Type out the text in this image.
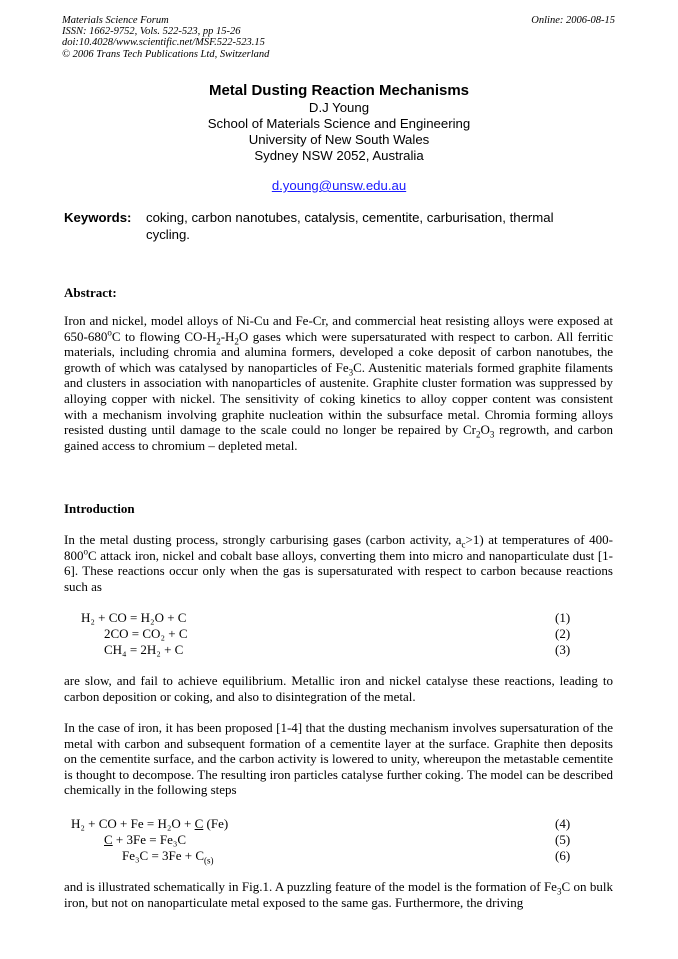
Materials Science Forum
ISSN: 1662-9752, Vols. 522-523, pp 15-26
doi:10.4028/www.scientific.net/MSF.522-523.15
© 2006 Trans Tech Publications Ltd, Switzerland
Online: 2006-08-15
Metal Dusting Reaction Mechanisms
D.J Young
School of Materials Science and Engineering
University of New South Wales
Sydney NSW 2052, Australia
d.young@unsw.edu.au
Keywords: coking, carbon nanotubes, catalysis, cementite, carburisation, thermal cycling.
Abstract:

Iron and nickel, model alloys of Ni-Cu and Fe-Cr, and commercial heat resisting alloys were exposed at 650-680$^o$C to flowing $CO-H_2-H_2O$ gases which were supersaturated with respect to carbon. All ferritic materials, including chromia and alumina formers, developed a coke deposit of carbon nanotubes, the growth of which was catalysed by nanoparticles of $Fe_3C$. Austenitic materials formed graphite filaments and clusters in association with nanoparticles of austenite. Graphite cluster formation was suppressed by alloying copper with nickel. The sensitivity of coking kinetics to alloy copper content was consistent with a mechanism involving graphite nucleation within the subsurface metal. Chromia forming alloys resisted dusting until damage to the scale could no longer be repaired by $Cr_2O_3$ regrowth, and carbon gained access to chromium – depleted metal.

Introduction

In the metal dusting process, strongly carburising gases (carbon activity, $a_c>1$) at temperatures of 400-800$^o$C attack iron, nickel and cobalt base alloys, converting them into micro and nanoparticulate dust [1-6]. These reactions occur only when the gas is supersaturated with respect to carbon because reactions such as

H₂ + CO = H₂O + C	(1)
2CO = CO₂ + C	(2)
CH₄ = 2H₂ + C	(3)

are slow, and fail to achieve equilibrium. Metallic iron and nickel catalyse these reactions, leading to carbon deposition or coking, and also to disintegration of the metal.

In the case of iron, it has been proposed [1-4] that the dusting mechanism involves supersaturation of the metal with carbon and subsequent formation of a cementite layer at the surface. Graphite then deposits on the cementite surface, and the carbon activity is lowered to unity, whereupon the metastable cementite is thought to decompose. The resulting iron particles catalyse further coking. The model can be described chemically in the following steps

H₂ + CO + Fe = H₂O + C (Fe)	(4)
C + 3Fe = Fe₃C	(5)
$Fe_3C = 3Fe + C_{(s)}$	(6)

and is illustrated schematically in Fig.1. A puzzling feature of the model is the formation of $Fe_3C$ on bulk iron, but not on nanoparticulate metal exposed to the same gas. Furthermore, the driving
